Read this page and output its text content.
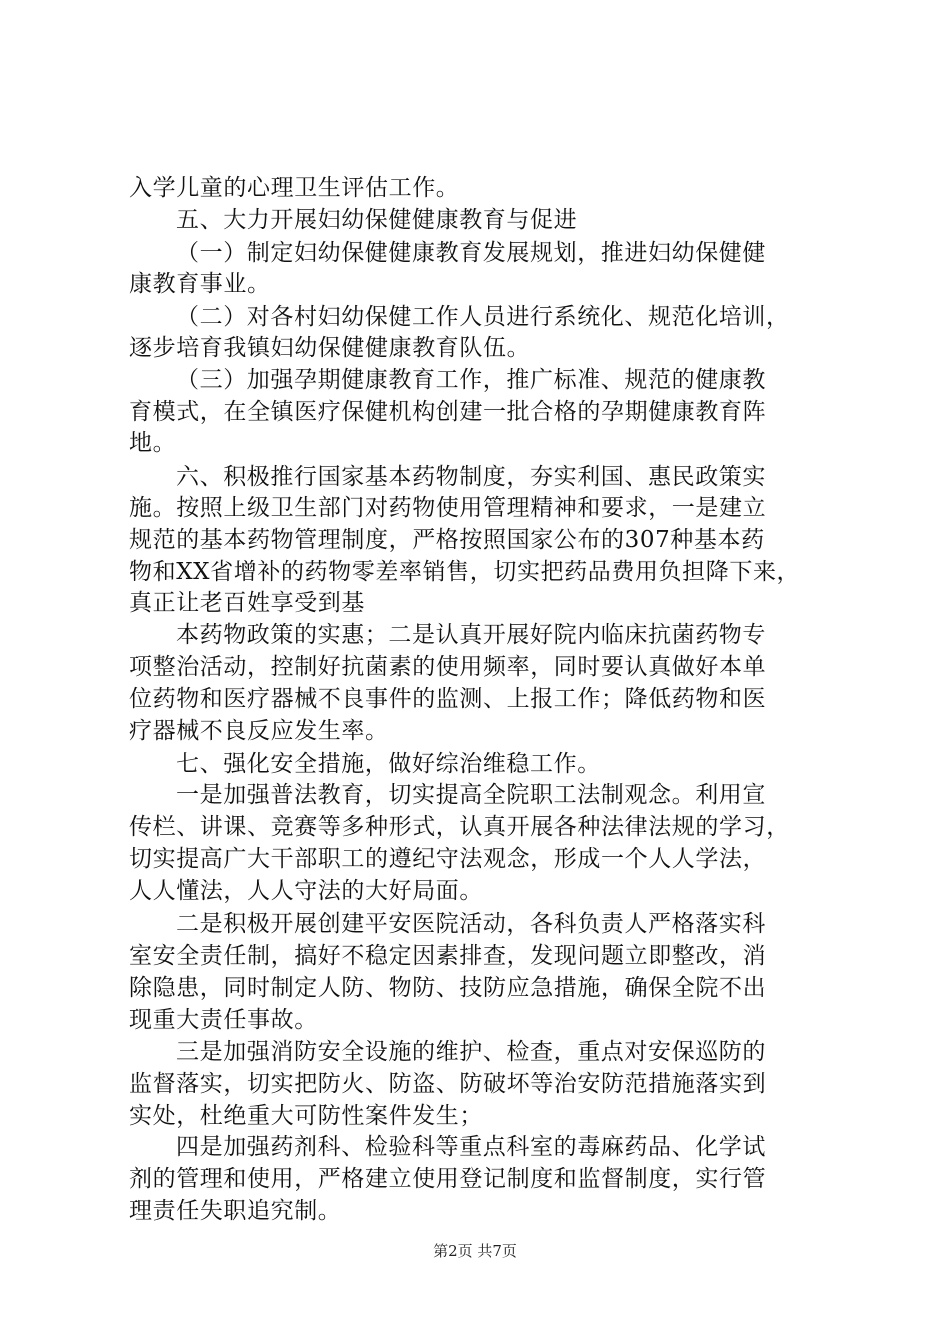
入学儿童的心理卫生评估工作。
五、大力开展妇幼保健健康教育与促进
（一）制定妇幼保健健康教育发展规划，推进妇幼保健健
康教育事业。
（二）对各村妇幼保健工作人员进行系统化、规范化培训，
逐步培育我镇妇幼保健健康教育队伍。
（三）加强孕期健康教育工作，推广标准、规范的健康教
育模式，在全镇医疗保健机构创建一批合格的孕期健康教育阵
地。
六、积极推行国家基本药物制度，夯实利国、惠民政策实
施。按照上级卫生部门对药物使用管理精神和要求，一是建立
规范的基本药物管理制度，严格按照国家公布的307种基本药
物和XX省增补的药物零差率销售，切实把药品费用负担降下来，
真正让老百姓享受到基
本药物政策的实惠；二是认真开展好院内临床抗菌药物专
项整治活动，控制好抗菌素的使用频率，同时要认真做好本单
位药物和医疗器械不良事件的监测、上报工作；降低药物和医
疗器械不良反应发生率。
七、强化安全措施，做好综治维稳工作。
一是加强普法教育，切实提高全院职工法制观念。利用宣
传栏、讲课、竞赛等多种形式，认真开展各种法律法规的学习，
切实提高广大干部职工的遵纪守法观念，形成一个人人学法，
人人懂法，人人守法的大好局面。
二是积极开展创建平安医院活动，各科负责人严格落实科
室安全责任制，搞好不稳定因素排查，发现问题立即整改，消
除隐患，同时制定人防、物防、技防应急措施，确保全院不出
现重大责任事故。
三是加强消防安全设施的维护、检查，重点对安保巡防的
监督落实，切实把防火、防盗、防破坏等治安防范措施落实到
实处，杜绝重大可防性案件发生；
四是加强药剂科、检验科等重点科室的毒麻药品、化学试
剂的管理和使用，严格建立使用登记制度和监督制度，实行管
理责任失职追究制。
第2页 共7页
